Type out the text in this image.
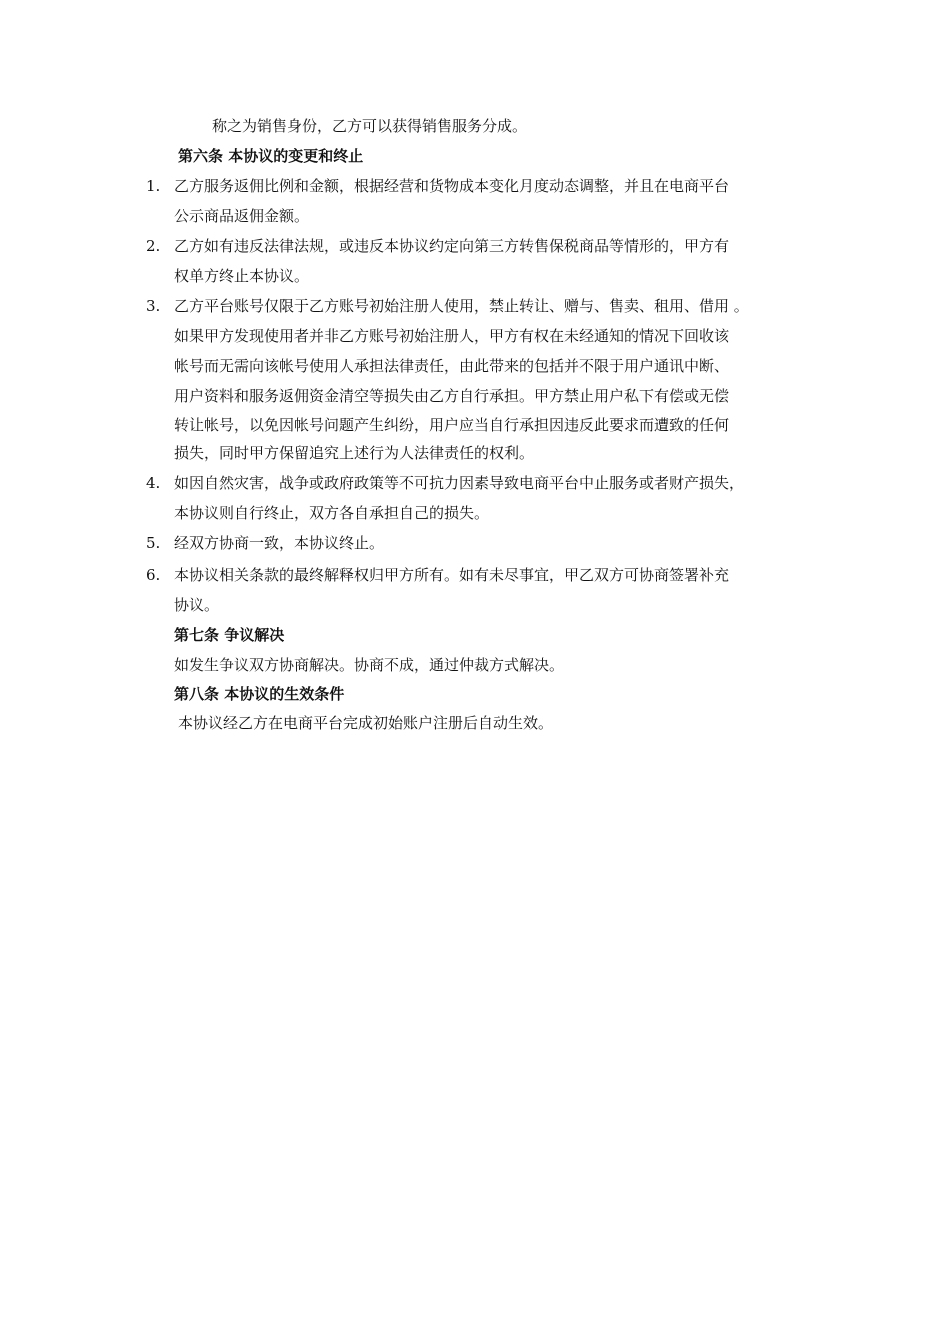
称之为销售身份，乙方可以获得销售服务分成。
第六条 本协议的变更和终止
1. 乙方服务返佣比例和金额，根据经营和货物成本变化月度动态调整，并且在电商平台
公示商品返佣金额。
2. 乙方如有违反法律法规，或违反本协议约定向第三方转售保税商品等情形的，甲方有
权单方终止本协议。
3. 乙方平台账号仅限于乙方账号初始注册人使用，禁止转让、赠与、售卖、租用、借用 。
如果甲方发现使用者并非乙方账号初始注册人，甲方有权在未经通知的情况下回收该
帐号而无需向该帐号使用人承担法律责任，由此带来的包括并不限于用户通讯中断、
用户资料和服务返佣资金清空等损失由乙方自行承担。甲方禁止用户私下有偿或无偿
转让帐号，以免因帐号问题产生纠纷，用户应当自行承担因违反此要求而遭致的任何
损失，同时甲方保留追究上述行为人法律责任的权利。
4. 如因自然灾害，战争或政府政策等不可抗力因素导致电商平台中止服务或者财产损失，
本协议则自行终止，双方各自承担自己的损失。
5. 经双方协商一致，本协议终止。
6. 本协议相关条款的最终解释权归甲方所有。如有未尽事宜，甲乙双方可协商签署补充
协议。
第七条 争议解决
如发生争议双方协商解决。协商不成，通过仲裁方式解决。
第八条 本协议的生效条件
本协议经乙方在电商平台完成初始账户注册后自动生效。
